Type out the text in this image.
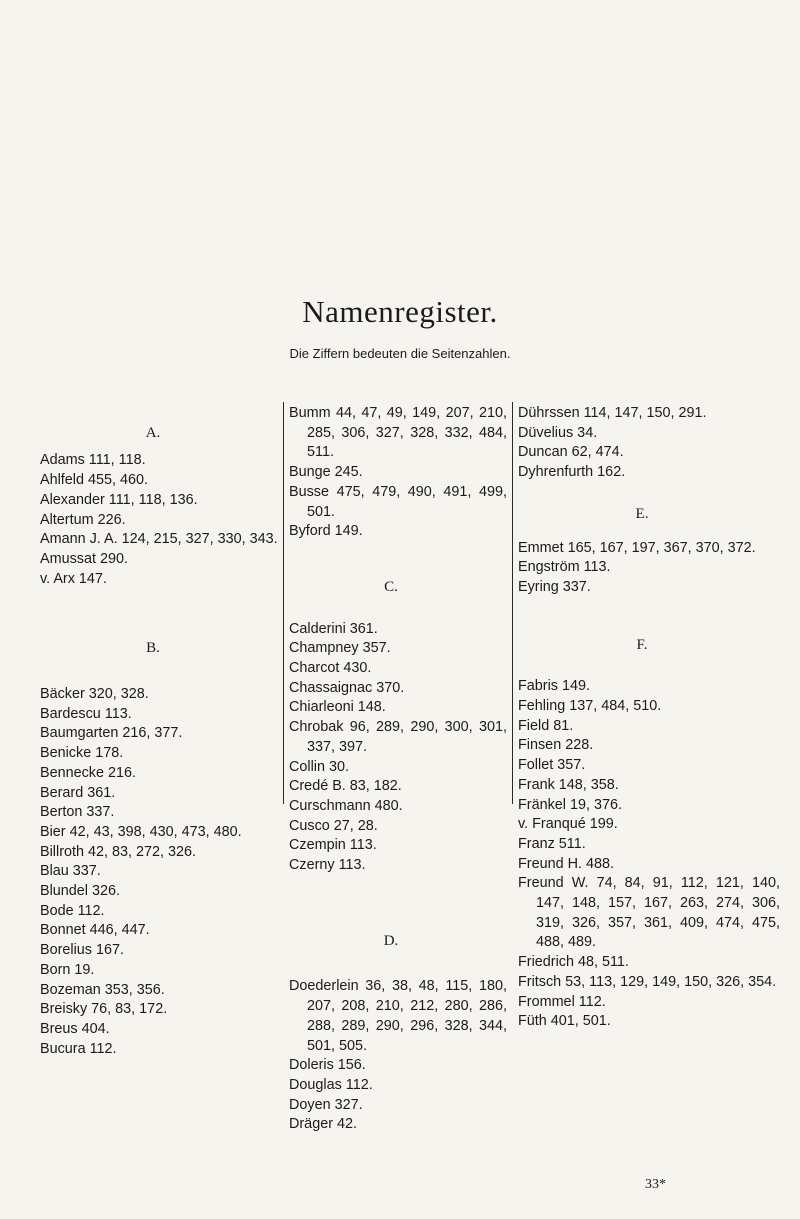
Namenregister.
Die Ziffern bedeuten die Seitenzahlen.
A.
Adams 111, 118.
Ahlfeld 455, 460.
Alexander 111, 118, 136.
Altertum 226.
Amann J. A. 124, 215, 327, 330, 343.
Amussat 290.
v. Arx 147.
B.
Bäcker 320, 328.
Bardescu 113.
Baumgarten 216, 377.
Benicke 178.
Bennecke 216.
Berard 361.
Berton 337.
Bier 42, 43, 398, 430, 473, 480.
Billroth 42, 83, 272, 326.
Blau 337.
Blundel 326.
Bode 112.
Bonnet 446, 447.
Borelius 167.
Born 19.
Bozeman 353, 356.
Breisky 76, 83, 172.
Breus 404.
Bucura 112.
Bumm 44, 47, 49, 149, 207, 210, 285, 306, 327, 328, 332, 484, 511.
Bunge 245.
Busse 475, 479, 490, 491, 499, 501.
Byford 149.
C.
Calderini 361.
Champney 357.
Charcot 430.
Chassaignac 370.
Chiarleoni 148.
Chrobak 96, 289, 290, 300, 301, 337, 397.
Collin 30.
Credé B. 83, 182.
Curschmann 480.
Cusco 27, 28.
Czempin 113.
Czerny 113.
D.
Doederlein 36, 38, 48, 115, 180, 207, 208, 210, 212, 280, 286, 288, 289, 290, 296, 328, 344, 501, 505.
Doleris 156.
Douglas 112.
Doyen 327.
Dräger 42.
Dührssen 114, 147, 150, 291.
Düvelius 34.
Duncan 62, 474.
Dyhrenfurth 162.
E.
Emmet 165, 167, 197, 367, 370, 372.
Engström 113.
Eyring 337.
F.
Fabris 149.
Fehling 137, 484, 510.
Field 81.
Finsen 228.
Follet 357.
Frank 148, 358.
Fränkel 19, 376.
v. Franqué 199.
Franz 511.
Freund H. 488.
Freund W. 74, 84, 91, 112, 121, 140, 147, 148, 157, 167, 263, 274, 306, 319, 326, 357, 361, 409, 474, 475, 488, 489.
Friedrich 48, 511.
Fritsch 53, 113, 129, 149, 150, 326, 354.
Frommel 112.
Füth 401, 501.
33*
